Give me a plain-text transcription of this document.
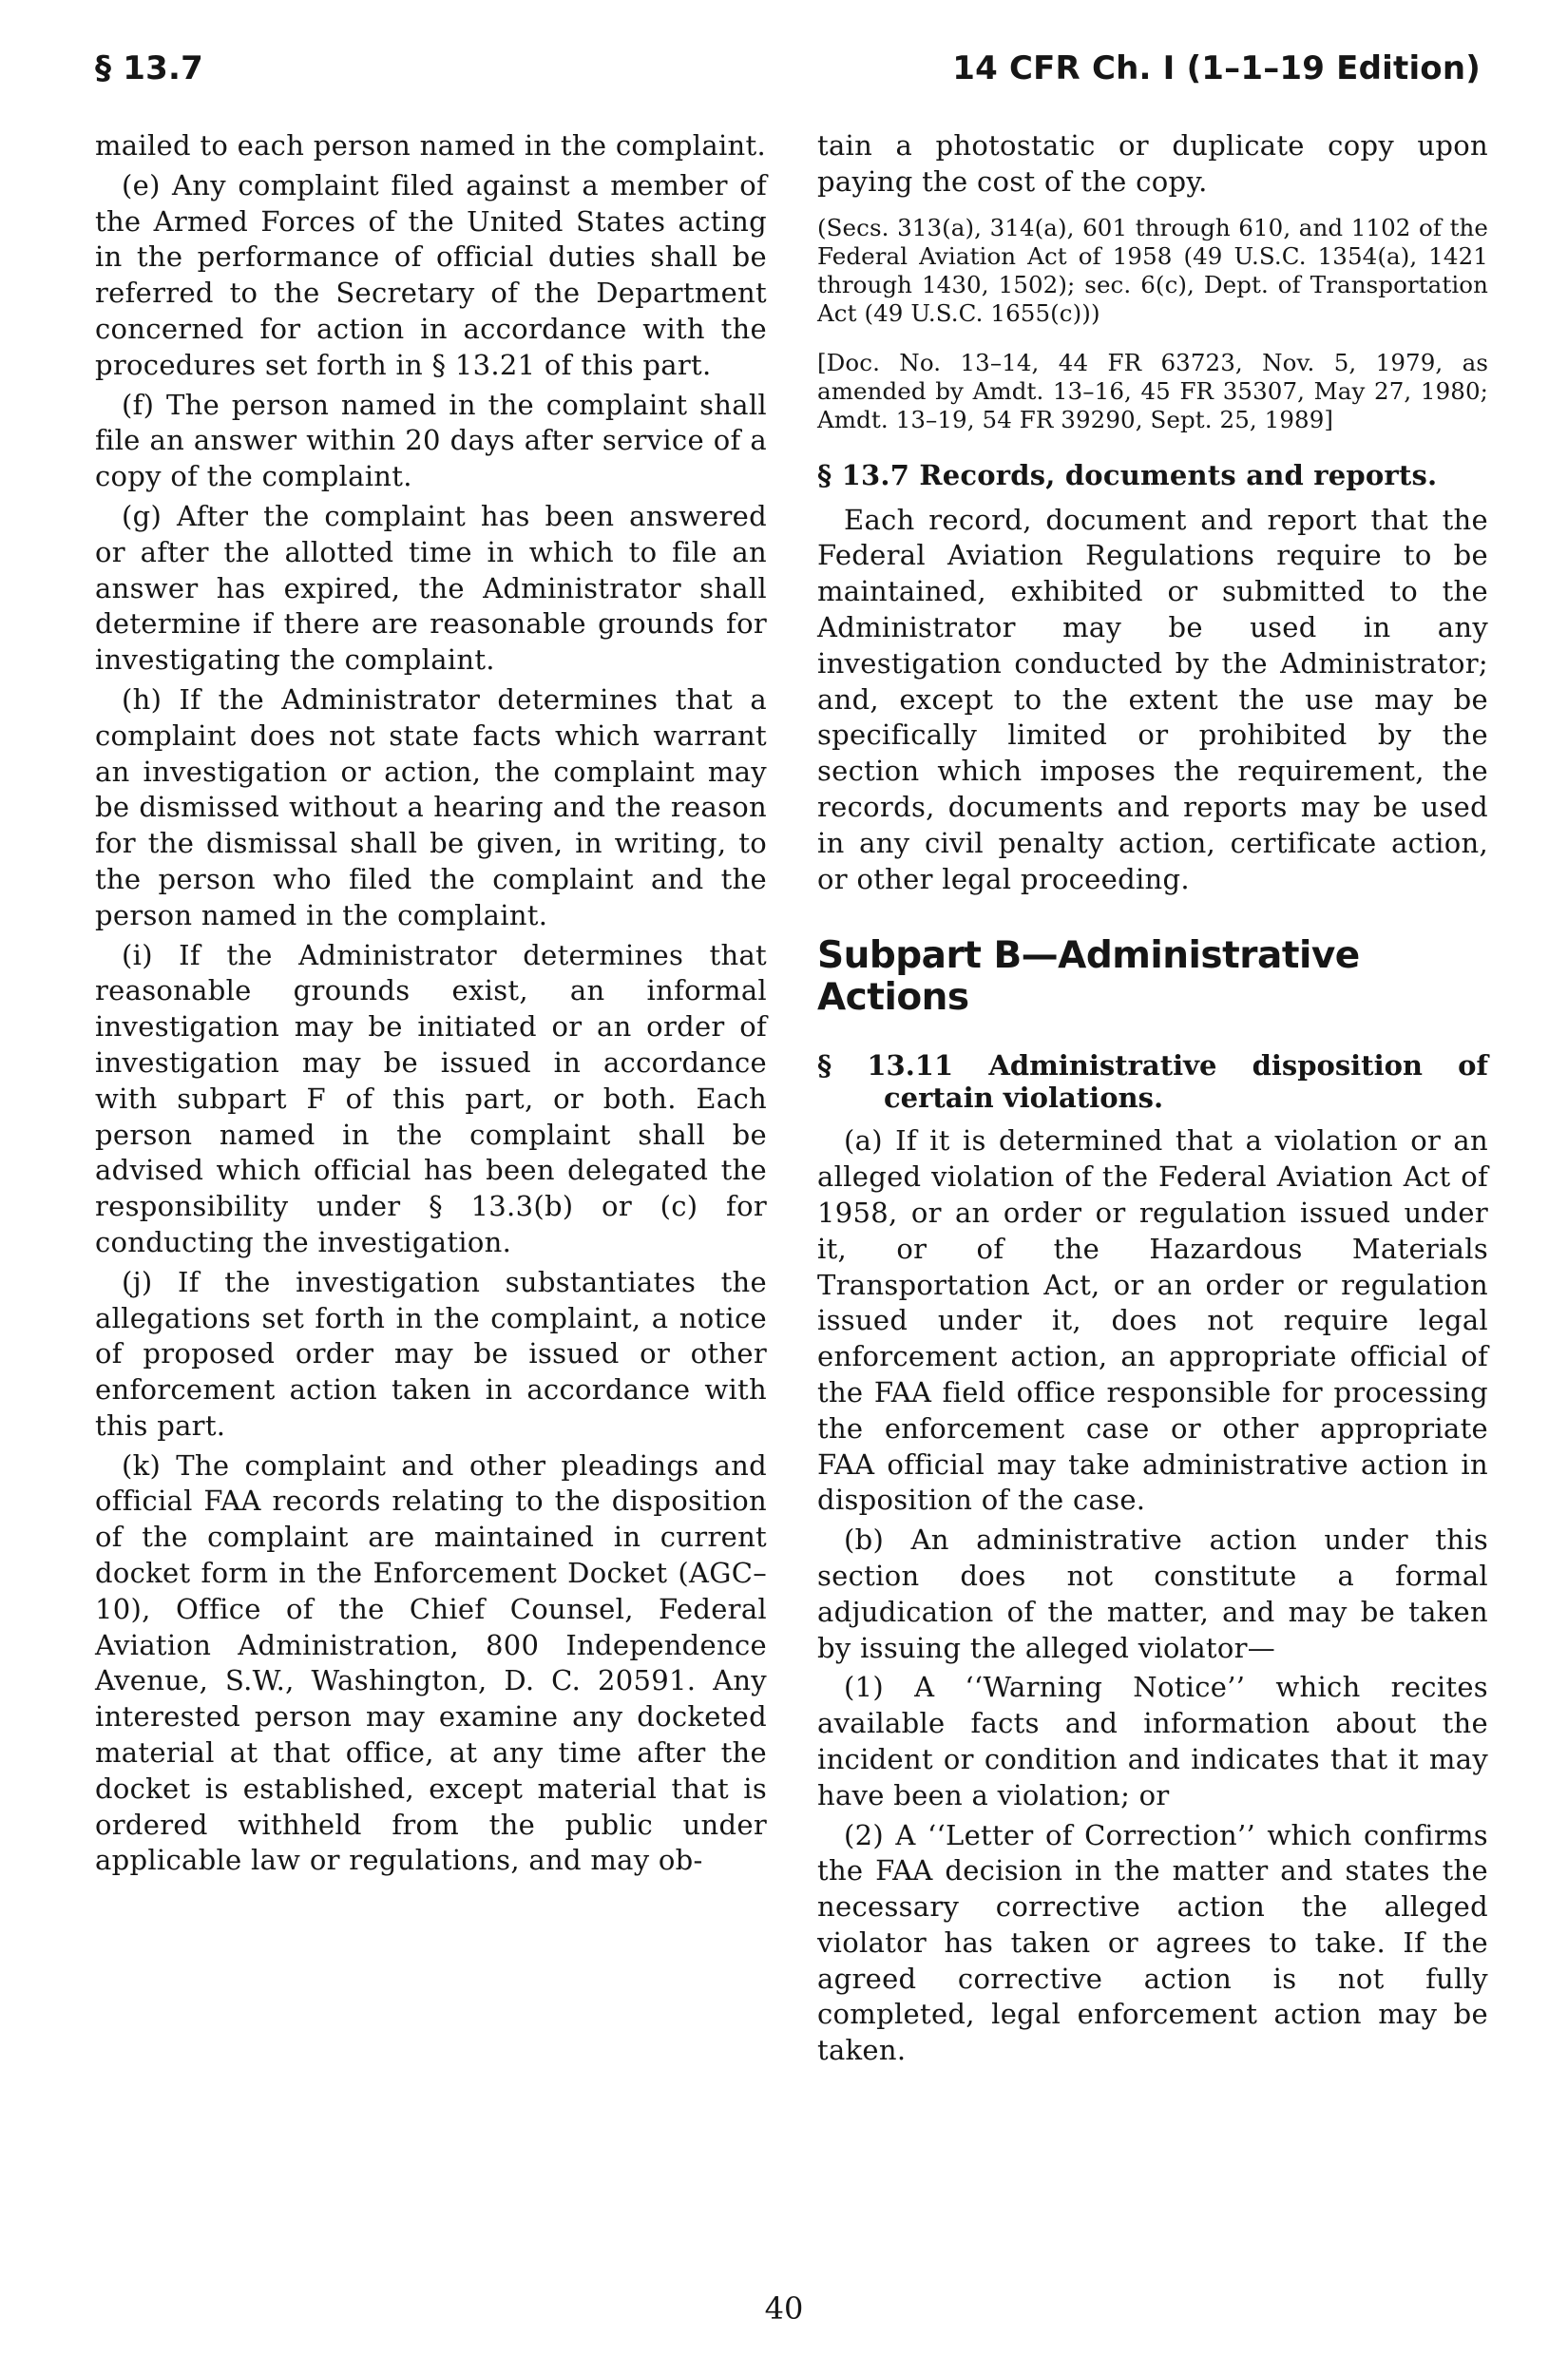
§ 13.7	14 CFR Ch. I (1–1–19 Edition)

mailed to each person named in the complaint.

(e) Any complaint filed against a member of the Armed Forces of the United States acting in the performance of official duties shall be referred to the Secretary of the Department concerned for action in accordance with the procedures set forth in § 13.21 of this part.

(f) The person named in the complaint shall file an answer within 20 days after service of a copy of the complaint.

(g) After the complaint has been answered or after the allotted time in which to file an answer has expired, the Administrator shall determine if there are reasonable grounds for investigating the complaint.

(h) If the Administrator determines that a complaint does not state facts which warrant an investigation or action, the complaint may be dismissed without a hearing and the reason for the dismissal shall be given, in writing, to the person who filed the complaint and the person named in the complaint.

(i) If the Administrator determines that reasonable grounds exist, an informal investigation may be initiated or an order of investigation may be issued in accordance with subpart F of this part, or both. Each person named in the complaint shall be advised which official has been delegated the responsibility under § 13.3(b) or (c) for conducting the investigation.

(j) If the investigation substantiates the allegations set forth in the complaint, a notice of proposed order may be issued or other enforcement action taken in accordance with this part.

(k) The complaint and other pleadings and official FAA records relating to the disposition of the complaint are maintained in current docket form in the Enforcement Docket (AGC–10), Office of the Chief Counsel, Federal Aviation Administration, 800 Independence Avenue, S.W., Washington, D. C. 20591. Any interested person may examine any docketed material at that office, at any time after the docket is established, except material that is ordered withheld from the public under applicable law or regulations, and may ob-

tain a photostatic or duplicate copy upon paying the cost of the copy.

(Secs. 313(a), 314(a), 601 through 610, and 1102 of the Federal Aviation Act of 1958 (49 U.S.C. 1354(a), 1421 through 1430, 1502); sec. 6(c), Dept. of Transportation Act (49 U.S.C. 1655(c)))

[Doc. No. 13–14, 44 FR 63723, Nov. 5, 1979, as amended by Amdt. 13–16, 45 FR 35307, May 27, 1980; Amdt. 13–19, 54 FR 39290, Sept. 25, 1989]

§ 13.7 Records, documents and reports.

Each record, document and report that the Federal Aviation Regulations require to be maintained, exhibited or submitted to the Administrator may be used in any investigation conducted by the Administrator; and, except to the extent the use may be specifically limited or prohibited by the section which imposes the requirement, the records, documents and reports may be used in any civil penalty action, certificate action, or other legal proceeding.

Subpart B—Administrative Actions
§ 13.11 Administrative disposition of certain violations.

(a) If it is determined that a violation or an alleged violation of the Federal Aviation Act of 1958, or an order or regulation issued under it, or of the Hazardous Materials Transportation Act, or an order or regulation issued under it, does not require legal enforcement action, an appropriate official of the FAA field office responsible for processing the enforcement case or other appropriate FAA official may take administrative action in disposition of the case.

(b) An administrative action under this section does not constitute a formal adjudication of the matter, and may be taken by issuing the alleged violator—

(1) A ‘‘Warning Notice’’ which recites available facts and information about the incident or condition and indicates that it may have been a violation; or

(2) A ‘‘Letter of Correction’’ which confirms the FAA decision in the matter and states the necessary corrective action the alleged violator has taken or agrees to take. If the agreed corrective action is not fully completed, legal enforcement action may be taken.

40
